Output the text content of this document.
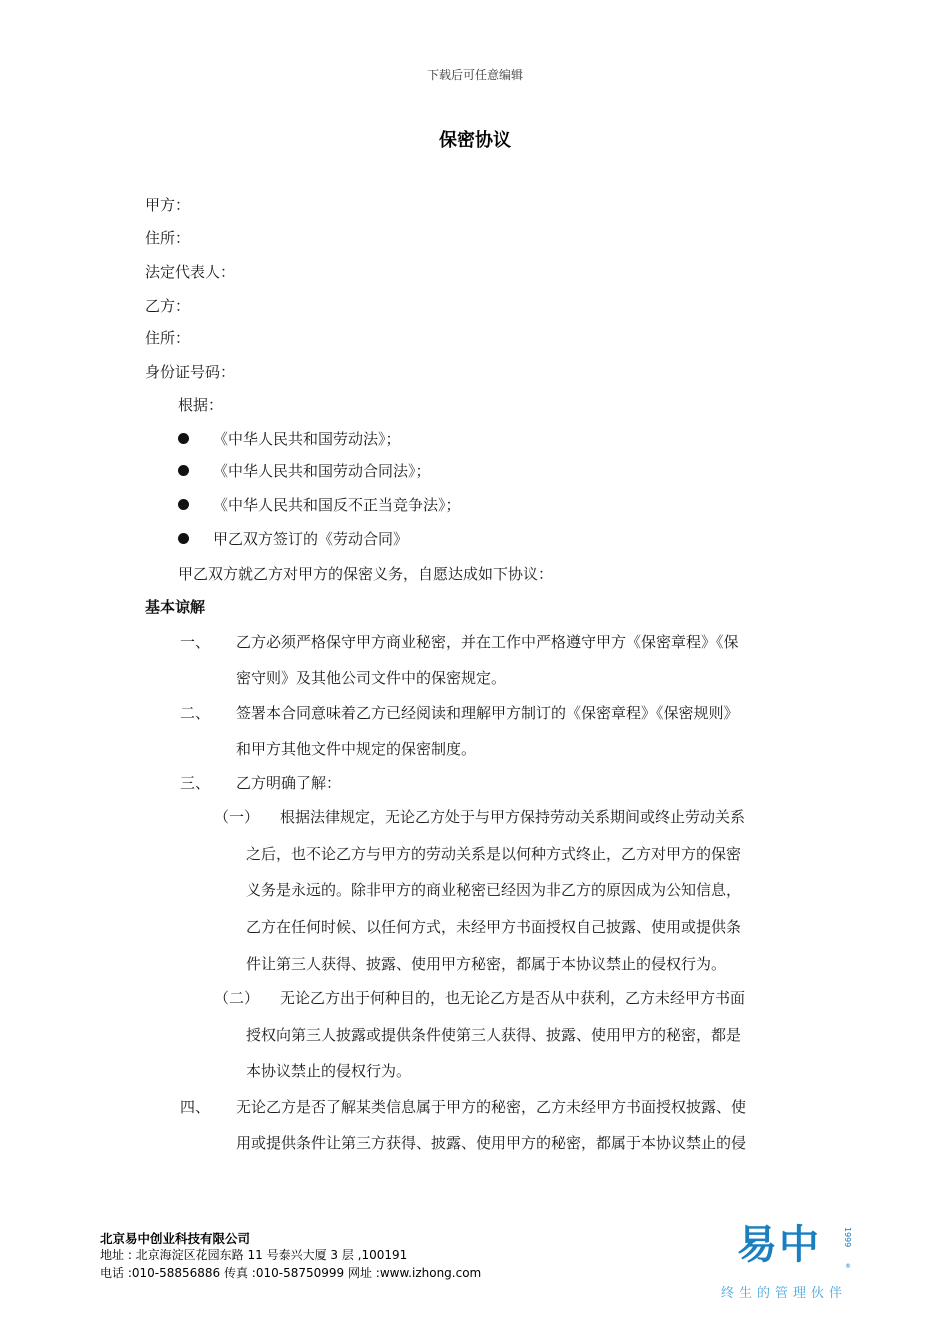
下载后可任意编辑
保密协议
甲方：
住所：
法定代表人：
乙方：
住所：
身份证号码：
根据：
《中华人民共和国劳动法》；
《中华人民共和国劳动合同法》；
《中华人民共和国反不正当竞争法》；
甲乙双方签订的《劳动合同》
甲乙双方就乙方对甲方的保密义务，自愿达成如下协议：
基本谅解
一、 乙方必须严格保守甲方商业秘密，并在工作中严格遵守甲方《保密章程》《保
密守则》及其他公司文件中的保密规定。
二、 签署本合同意味着乙方已经阅读和理解甲方制订的《保密章程》《保密规则》
和甲方其他文件中规定的保密制度。
三、 乙方明确了解：
（一） 根据法律规定，无论乙方处于与甲方保持劳动关系期间或终止劳动关系
之后，也不论乙方与甲方的劳动关系是以何种方式终止，乙方对甲方的保密
义务是永远的。除非甲方的商业秘密已经因为非乙方的原因成为公知信息，
乙方在任何时候、以任何方式，未经甲方书面授权自己披露、使用或提供条
件让第三人获得、披露、使用甲方秘密，都属于本协议禁止的侵权行为。
（二） 无论乙方出于何种目的，也无论乙方是否从中获利，乙方未经甲方书面
授权向第三人披露或提供条件使第三人获得、披露、使用甲方的秘密，都是
本协议禁止的侵权行为。
四、 无论乙方是否了解某类信息属于甲方的秘密，乙方未经甲方书面授权披露、使
用或提供条件让第三方获得、披露、使用甲方的秘密，都属于本协议禁止的侵
北京易中创业科技有限公司
地址 : 北京海淀区花园东路 11 号泰兴大厦 3 层 ,100191
电话 :010-58856886 传真 :010-58750999 网址 :www.izhong.com
易中	1999
®
终生的管理伙伴
